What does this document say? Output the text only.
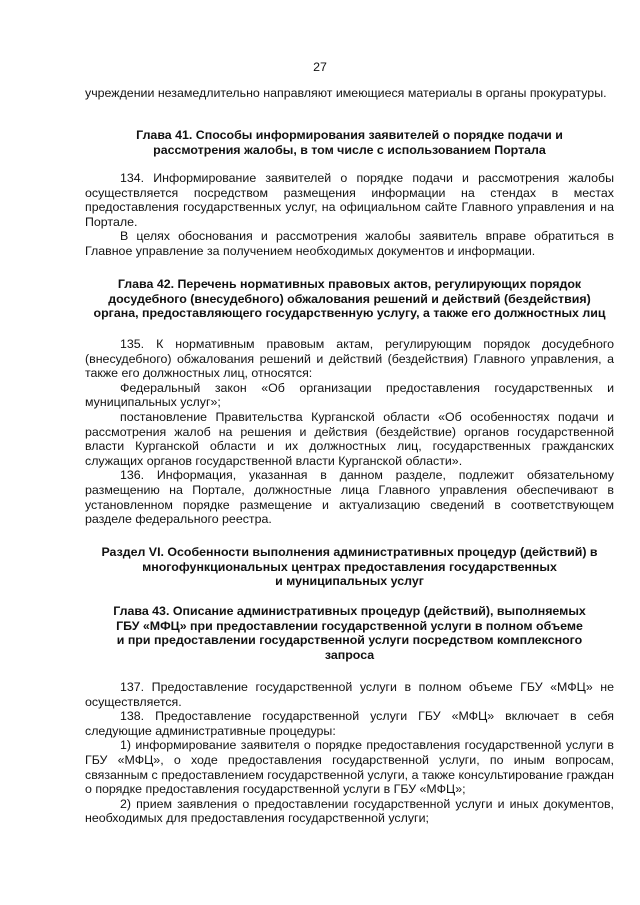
27

учреждении незамедлительно направляют имеющиеся материалы в органы прокуратуры.

Глава 41. Способы информирования заявителей о порядке подачи и
рассмотрения жалобы, в том числе с использованием Портала

134. Информирование заявителей о порядке подачи и рассмотрения жалобы осуществляется посредством размещения информации на стендах в местах предоставления государственных услуг, на официальном сайте Главного управления и на Портале.

В целях обоснования и рассмотрения жалобы заявитель вправе обратиться в Главное управление за получением необходимых документов и информации.

Глава 42. Перечень нормативных правовых актов, регулирующих порядок
досудебного (внесудебного) обжалования решений и действий (бездействия)
органа, предоставляющего государственную услугу, а также его должностных лиц

135. К нормативным правовым актам, регулирующим порядок досудебного (внесудебного) обжалования решений и действий (бездействия) Главного управления, а также его должностных лиц, относятся:

Федеральный закон «Об организации предоставления государственных и муниципальных услуг»;

постановление Правительства Курганской области «Об особенностях подачи и рассмотрения жалоб на решения и действия (бездействие) органов государственной власти Курганской области и их должностных лиц, государственных гражданских служащих органов государственной власти Курганской области».

136. Информация, указанная в данном разделе, подлежит обязательному размещению на Портале, должностные лица Главного управления обеспечивают в установленном порядке размещение и актуализацию сведений в соответствующем разделе федерального реестра.

Раздел VI. Особенности выполнения административных процедур (действий) в
многофункциональных центрах предоставления государственных
и муниципальных услуг
Глава 43. Описание административных процедур (действий), выполняемых
ГБУ «МФЦ» при предоставлении государственной услуги в полном объеме
и при предоставлении государственной услуги посредством комплексного
запроса

137. Предоставление государственной услуги в полном объеме ГБУ «МФЦ» не осуществляется.

138. Предоставление государственной услуги ГБУ «МФЦ» включает в себя следующие административные процедуры:

1) информирование заявителя о порядке предоставления государственной услуги в ГБУ «МФЦ», о ходе предоставления государственной услуги, по иным вопросам, связанным с предоставлением государственной услуги, а также консультирование граждан о порядке предоставления государственной услуги в ГБУ «МФЦ»;

2) прием заявления о предоставлении государственной услуги и иных документов, необходимых для предоставления государственной услуги;
